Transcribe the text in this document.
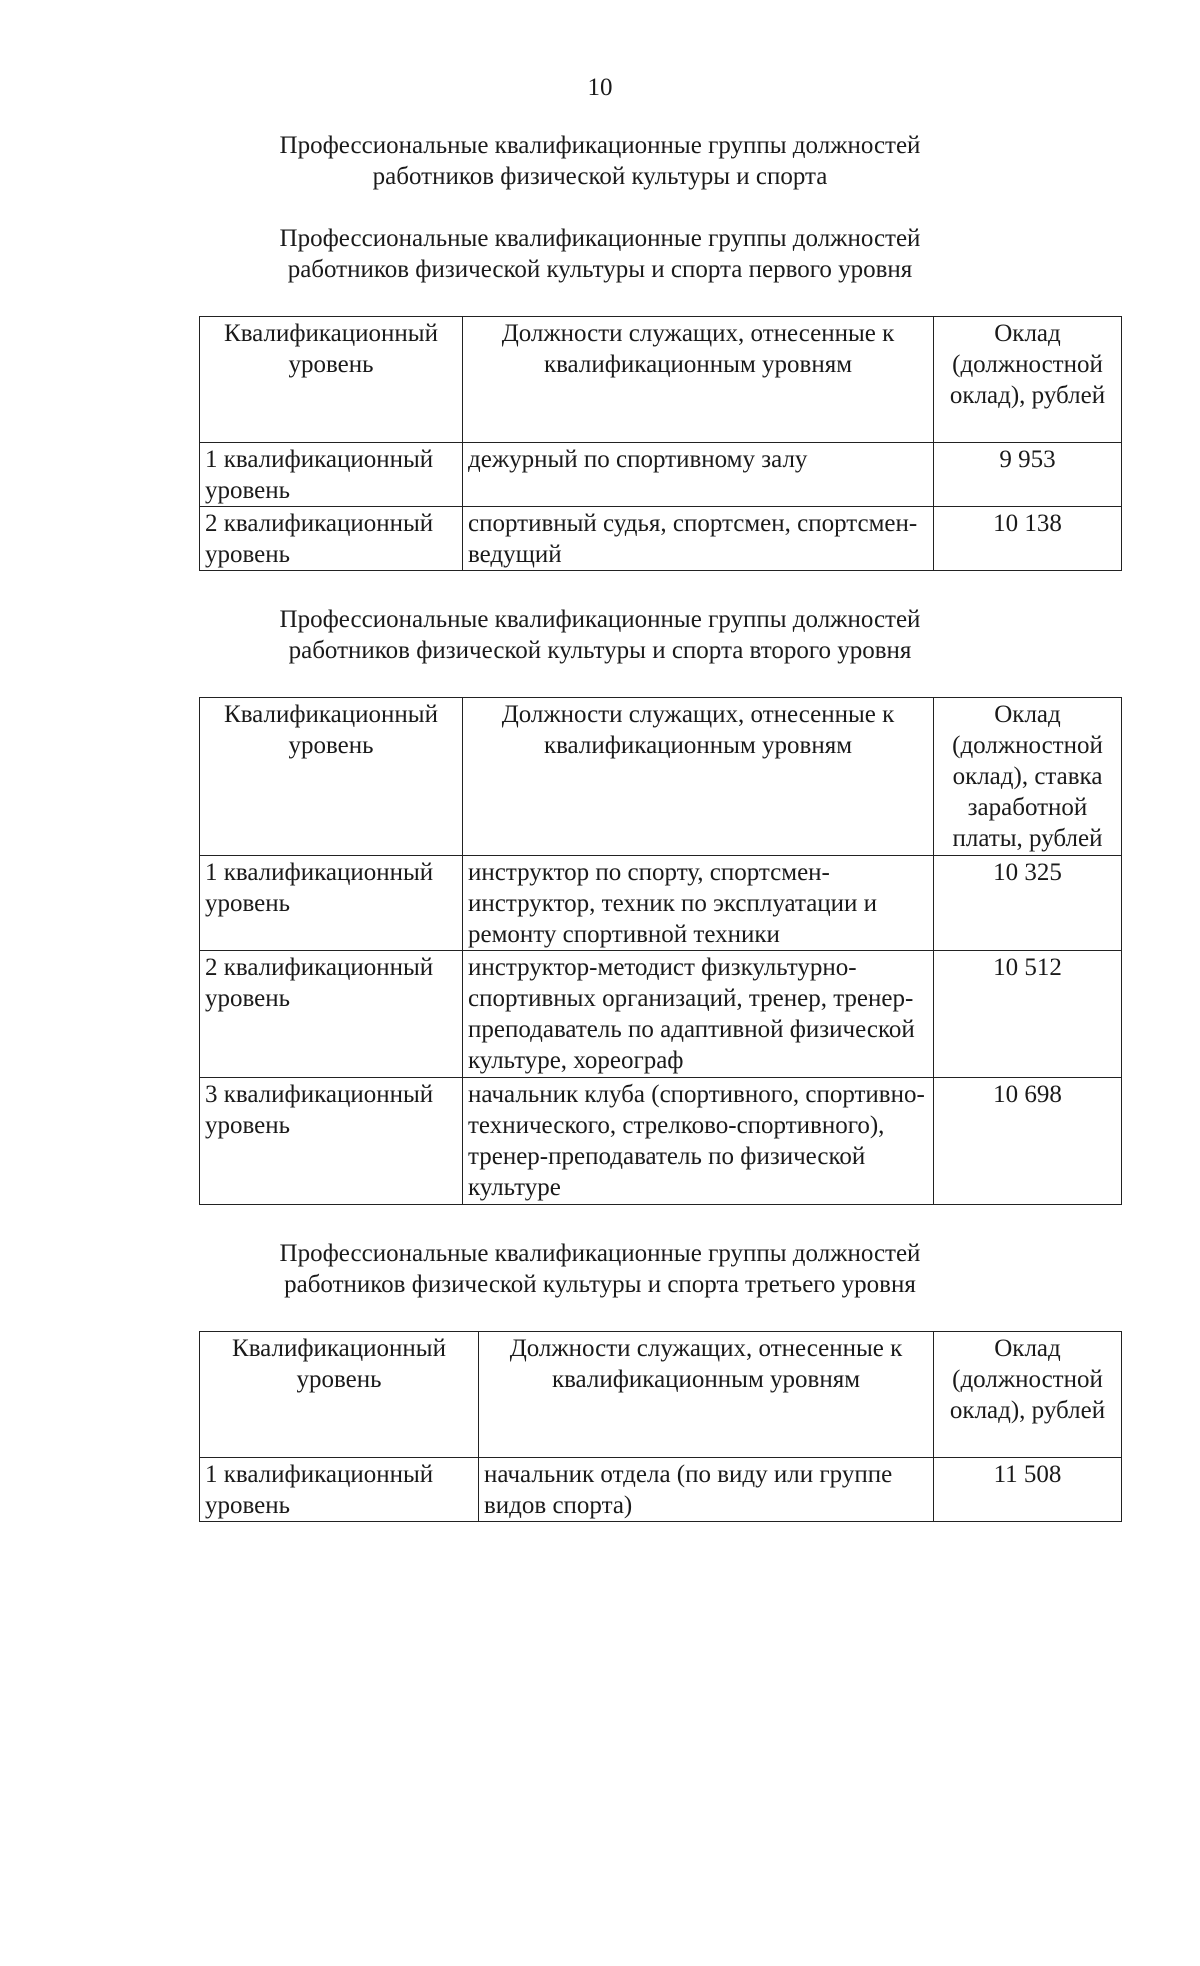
10
Профессиональные квалификационные группы должностей
работников физической культуры и спорта
Профессиональные квалификационные группы должностей
работников физической культуры и спорта первого уровня
Квалификационный уровень	Должности служащих, отнесенные к квалификационным уровням	Оклад (должностной оклад), рублей
1 квалификационный уровень	дежурный по спортивному залу	9 953
2 квалификационный уровень	спортивный судья, спортсмен, спортсмен-ведущий	10 138
Профессиональные квалификационные группы должностей
работников физической культуры и спорта второго уровня
Квалификационный уровень	Должности служащих, отнесенные к квалификационным уровням	Оклад (должностной оклад), ставка заработной платы, рублей
1 квалификационный уровень	инструктор по спорту, спортсмен-инструктор, техник по эксплуатации и ремонту спортивной техники	10 325
2 квалификационный уровень	инструктор-методист физкультурно-спортивных организаций, тренер, тренер-преподаватель по адаптивной физической культуре, хореограф	10 512
3 квалификационный уровень	начальник клуба (спортивного, спортивно-технического, стрелково-спортивного), тренер-преподаватель по физической культуре	10 698
Профессиональные квалификационные группы должностей
работников физической культуры и спорта третьего уровня
Квалификационный уровень	Должности служащих, отнесенные к квалификационным уровням	Оклад (должностной оклад), рублей
1 квалификационный уровень	начальник отдела (по виду или группе видов спорта)	11 508
